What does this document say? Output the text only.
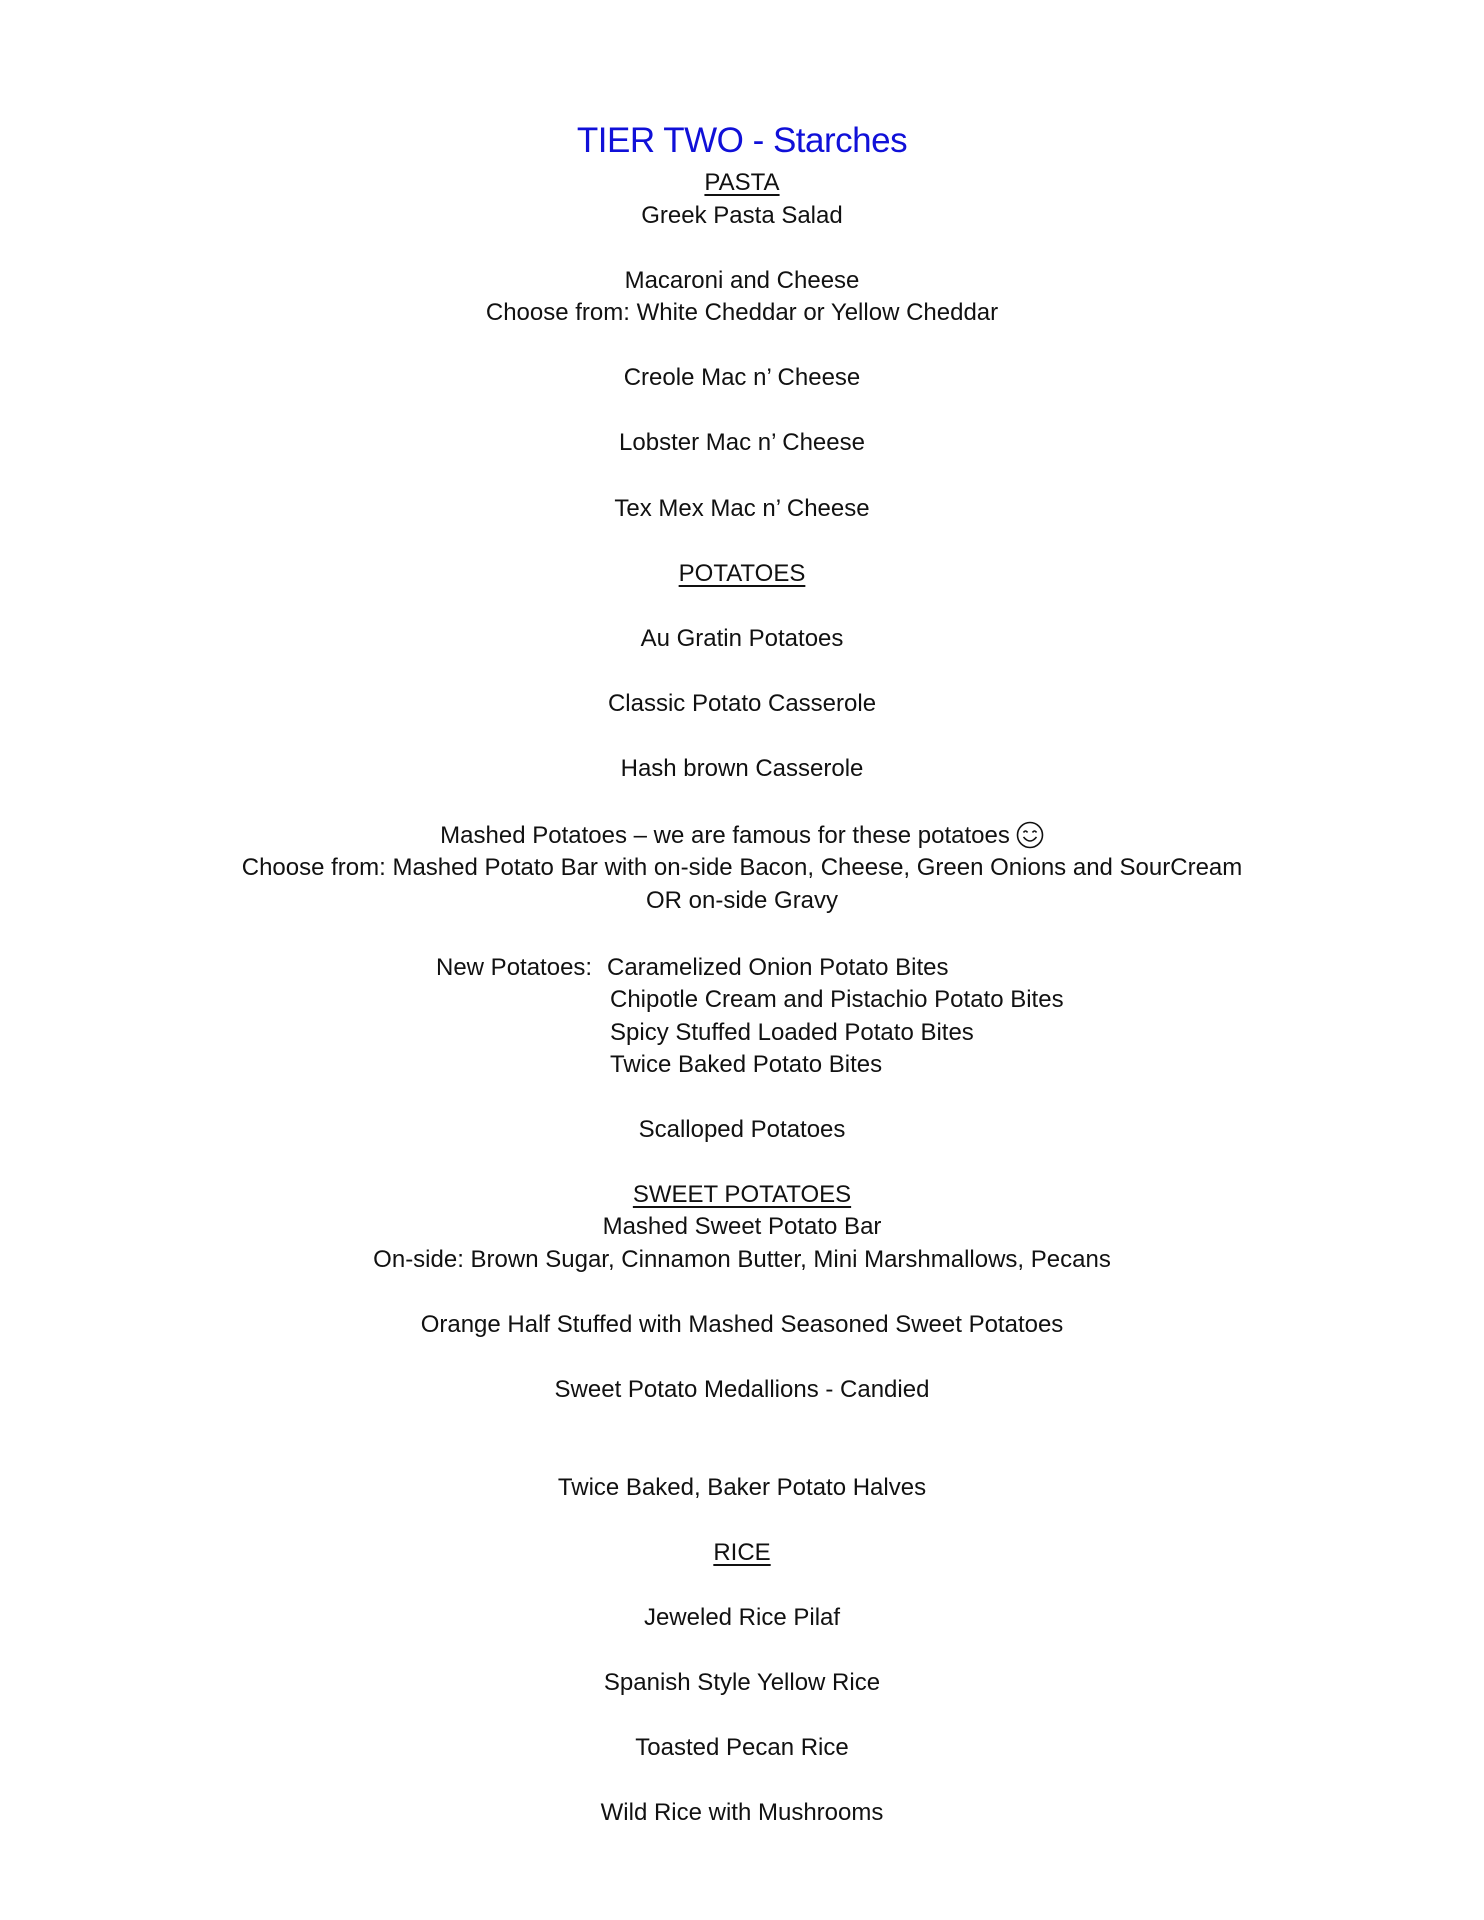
TIER TWO - Starches
PASTA
Greek Pasta Salad
Macaroni and Cheese
Choose from: White Cheddar or Yellow Cheddar
Creole Mac n’ Cheese
Lobster Mac n’ Cheese
Tex Mex Mac n’ Cheese
POTATOES
Au Gratin Potatoes
Classic Potato Casserole
Hash brown Casserole
Mashed Potatoes – we are famous for these potatoes
Choose from: Mashed Potato Bar with on-side Bacon, Cheese, Green Onions and SourCream
OR on-side Gravy
New Potatoes: Caramelized Onion Potato Bites
Chipotle Cream and Pistachio Potato Bites
Spicy Stuffed Loaded Potato Bites
Twice Baked Potato Bites
Scalloped Potatoes
SWEET POTATOES
Mashed Sweet Potato Bar
On-side: Brown Sugar, Cinnamon Butter, Mini Marshmallows, Pecans
Orange Half Stuffed with Mashed Seasoned Sweet Potatoes
Sweet Potato Medallions - Candied
Twice Baked, Baker Potato Halves
RICE
Jeweled Rice Pilaf
Spanish Style Yellow Rice
Toasted Pecan Rice
Wild Rice with Mushrooms
